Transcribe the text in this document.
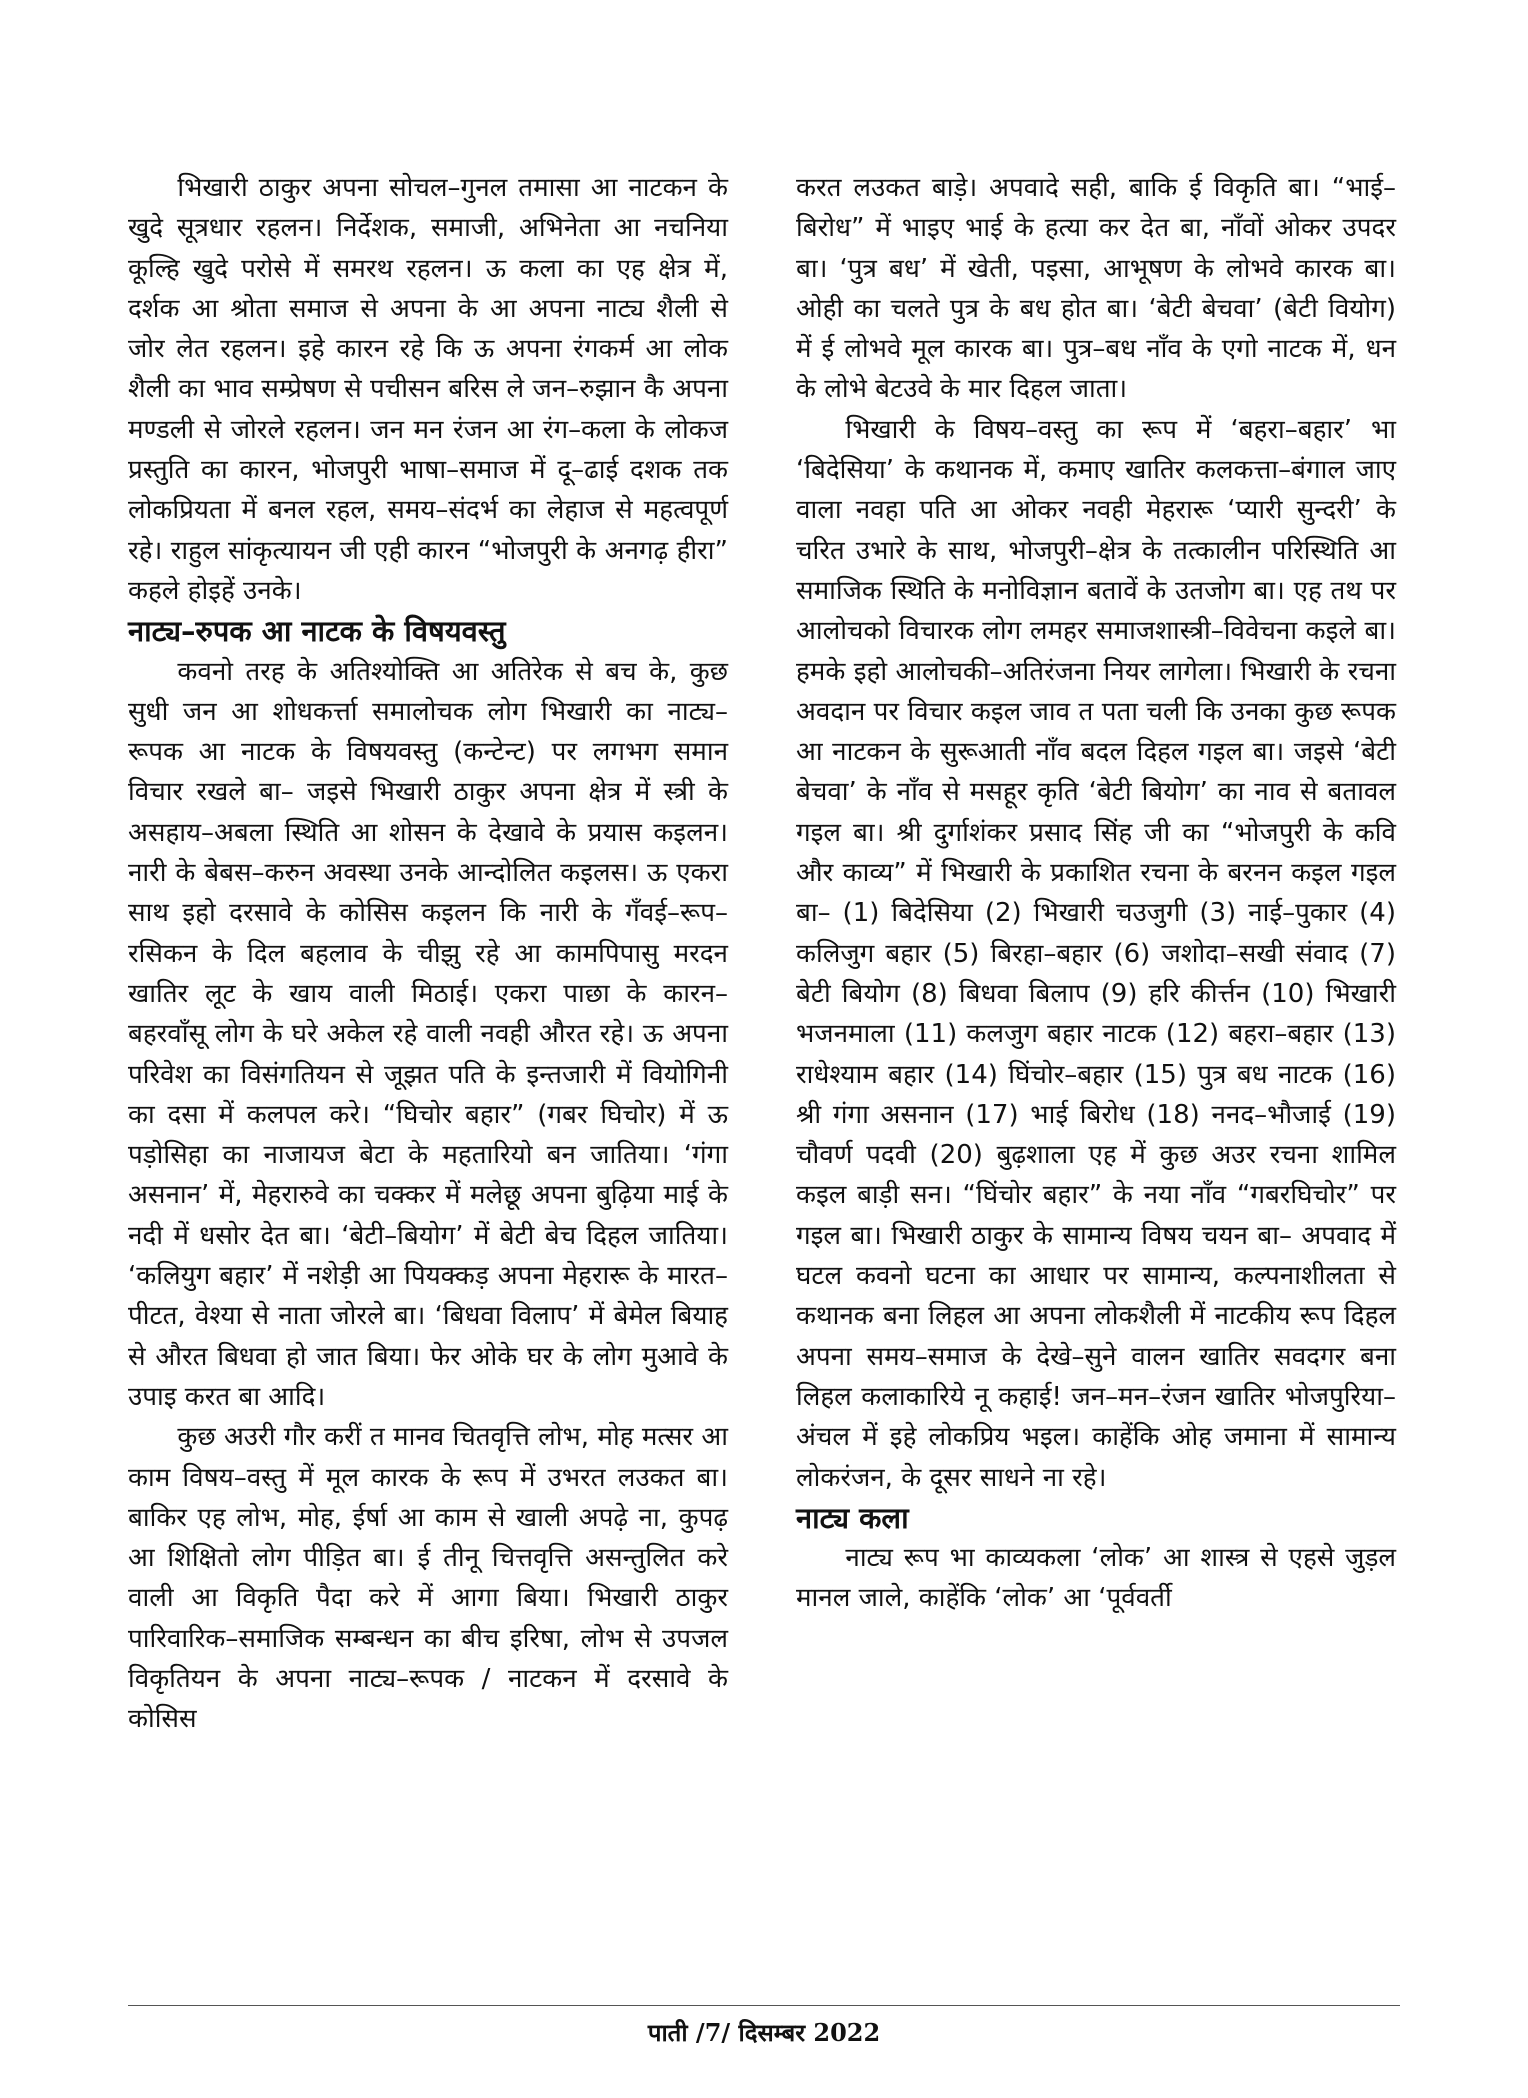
भिखारी ठाकुर अपना सोचल–गुनल तमासा आ नाटकन के खुदे सूत्रधार रहलन। निर्देशक, समाजी, अभिनेता आ नचनिया कूल्हि खुदे परोसे में समरथ रहलन। ऊ कला का एह क्षेत्र में, दर्शक आ श्रोता समाज से अपना के आ अपना नाट्य शैली से जोर लेत रहलन। इहे कारन रहे कि ऊ अपना रंगकर्म आ लोक शैली का भाव सम्प्रेषण से पचीसन बरिस ले जन–रुझान कै अपना मण्डली से जोरले रहलन। जन मन रंजन आ रंग–कला के लोकज प्रस्तुति का कारन, भोजपुरी भाषा–समाज में दू–ढाई दशक तक लोकप्रियता में बनल रहल, समय–संदर्भ का लेहाज से महत्वपूर्ण रहे। राहुल सांकृत्यायन जी एही कारन “भोजपुरी के अनगढ़ हीरा” कहले होइहें उनके।

नाट्य–रुपक आ नाटक के विषयवस्तु

कवनो तरह के अतिश्योक्ति आ अतिरेक से बच के, कुछ सुधी जन आ शोधकर्त्ता समालोचक लोग भिखारी का नाट्य–रूपक आ नाटक के विषयवस्तु (कन्टेन्ट) पर लगभग समान विचार रखले बा– जइसे भिखारी ठाकुर अपना क्षेत्र में स्त्री के असहाय–अबला स्थिति आ शोसन के देखावे के प्रयास कइलन। नारी के बेबस–करुन अवस्था उनके आन्दोलित कइलस। ऊ एकरा साथ इहो दरसावे के कोसिस कइलन कि नारी के गँवई–रूप–रसिकन के दिल बहलाव के चीझु रहे आ कामपिपासु मरदन खातिर लूट के खाय वाली मिठाई। एकरा पाछा के कारन–बहरवाँसू लोग के घरे अकेल रहे वाली नवही औरत रहे। ऊ अपना परिवेश का विसंगतियन से जूझत पति के इन्तजारी में वियोगिनी का दसा में कलपल करे। “घिचोर बहार” (गबर घिचोर) में ऊ पड़ोसिहा का नाजायज बेटा के महतारियो बन जातिया। ‘गंगा असनान’ में, मेहरारुवे का चक्कर में मलेछू अपना बुढ़िया माई के नदी में धसोर देत बा। ‘बेटी–बियोग’ में बेटी बेच दिहल जातिया। ‘कलियुग बहार’ में नशेड़ी आ पियक्कड़ अपना मेहरारू के मारत–पीटत, वेश्या से नाता जोरले बा। ‘बिधवा विलाप’ में बेमेल बियाह से औरत बिधवा हो जात बिया। फेर ओके घर के लोग मुआवे के उपाइ करत बा आदि।

कुछ अउरी गौर करीं त मानव चितवृत्ति लोभ, मोह मत्सर आ काम विषय–वस्तु में मूल कारक के रूप में उभरत लउकत बा। बाकिर एह लोभ, मोह, ईर्षा आ काम से खाली अपढ़े ना, कुपढ़ आ शिक्षितो लोग पीड़ित बा। ई तीनू चित्तवृत्ति असन्तुलित करे वाली आ विकृति पैदा करे में आगा बिया। भिखारी ठाकुर पारिवारिक–समाजिक सम्बन्धन का बीच इरिषा, लोभ से उपजल विकृतियन के अपना नाट्य–रूपक / नाटकन में दरसावे के कोसिस

करत लउकत बाड़े। अपवादे सही, बाकि ई विकृति बा। “भाई–बिरोध” में भाइए भाई के हत्या कर देत बा, नाँवों ओकर उपदर बा। ‘पुत्र बध’ में खेती, पइसा, आभूषण के लोभवे कारक बा। ओही का चलते पुत्र के बध होत बा। ‘बेटी बेचवा’ (बेटी वियोग) में ई लोभवे मूल कारक बा। पुत्र–बध नाँव के एगो नाटक में, धन के लोभे बेटउवे के मार दिहल जाता।

भिखारी के विषय–वस्तु का रूप में ‘बहरा–बहार’ भा ‘बिदेसिया’ के कथानक में, कमाए खातिर कलकत्ता–बंगाल जाए वाला नवहा पति आ ओकर नवही मेहरारू ‘प्यारी सुन्दरी’ के चरित उभारे के साथ, भोजपुरी–क्षेत्र के तत्कालीन परिस्थिति आ समाजिक स्थिति के मनोविज्ञान बतावें के उतजोग बा। एह तथ पर आलोचको विचारक लोग लमहर समाजशास्त्री–विवेचना कइले बा। हमके इहो आलोचकी–अतिरंजना नियर लागेला। भिखारी के रचना अवदान पर विचार कइल जाव त पता चली कि उनका कुछ रूपक आ नाटकन के सुरूआती नाँव बदल दिहल गइल बा। जइसे ‘बेटी बेचवा’ के नाँव से मसहूर कृति ‘बेटी बियोग’ का नाव से बतावल गइल बा। श्री दुर्गाशंकर प्रसाद सिंह जी का “भोजपुरी के कवि और काव्य” में भिखारी के प्रकाशित रचना के बरनन कइल गइल बा– (1) बिदेसिया (2) भिखारी चउजुगी (3) नाई–पुकार (4) कलिजुग बहार (5) बिरहा–बहार (6) जशोदा–सखी संवाद (7) बेटी बियोग (8) बिधवा बिलाप (9) हरि कीर्त्तन (10) भिखारी भजनमाला (11) कलजुग बहार नाटक (12) बहरा–बहार (13) राधेश्याम बहार (14) घिंचोर–बहार (15) पुत्र बध नाटक (16) श्री गंगा असनान (17) भाई बिरोध (18) ननद–भौजाई (19) चौवर्ण पदवी (20) बुढ़शाला एह में कुछ अउर रचना शामिल कइल बाड़ी सन। “घिंचोर बहार” के नया नाँव “गबरघिचोर” पर गइल बा। भिखारी ठाकुर के सामान्य विषय चयन बा– अपवाद में घटल कवनो घटना का आधार पर सामान्य, कल्पनाशीलता से कथानक बना लिहल आ अपना लोकशैली में नाटकीय रूप दिहल अपना समय–समाज के देखे–सुने वालन खातिर सवदगर बना लिहल कलाकारिये नू कहाई! जन–मन–रंजन खातिर भोजपुरिया–अंचल में इहे लोकप्रिय भइल। काहेंकि ओह जमाना में सामान्य लोकरंजन, के दूसर साधने ना रहे।

नाट्य कला

नाट्य रूप भा काव्यकला ‘लोक’ आ शास्त्र से एहसे जुड़ल मानल जाले, काहेंकि ‘लोक’ आ ‘पूर्ववर्ती

पाती /7/ दिसम्बर 2022
